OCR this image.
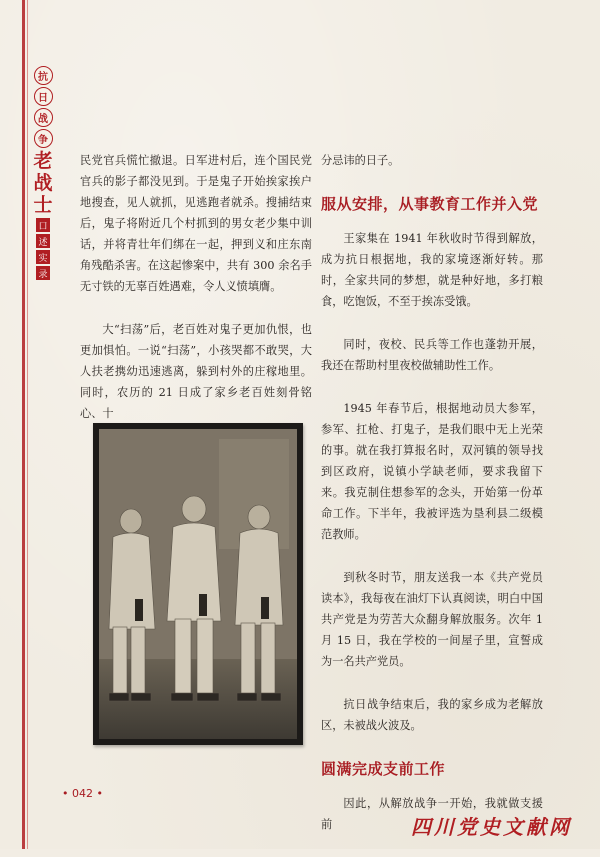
抗
日
战
争
老
战
士
口
述
实
录

民党官兵慌忙撤退。日军进村后，连个国民党官兵的影子都没见到。于是鬼子开始挨家挨户地搜查，见人就抓，见逃跑者就杀。搜捕结束后，鬼子将附近几个村抓到的男女老少集中训话，并将青壮年们绑在一起，押到义和庄东南角残酷杀害。在这起惨案中，共有 300 余名手无寸铁的无辜百姓遇难，令人义愤填膺。

大“扫荡”后，老百姓对鬼子更加仇恨，也更加惧怕。一说“扫荡”，小孩哭都不敢哭，大人扶老携幼迅速逃离，躲到村外的庄稼地里。同时，农历的 21 日成了家乡老百姓刻骨铭心、十

分忌讳的日子。

服从安排，从事教育工作并入党

王家集在 1941 年秋收时节得到解放，成为抗日根据地，我的家境逐渐好转。那时，全家共同的梦想，就是种好地，多打粮食，吃饱饭，不至于挨冻受饿。

同时，夜校、民兵等工作也蓬勃开展，我还在帮助村里夜校做辅助性工作。

1945 年春节后，根据地动员大参军，参军、扛枪、打鬼子，是我们眼中无上光荣的事。就在我打算报名时，双河镇的领导找到区政府，说镇小学缺老师，要求我留下来。我克制住想参军的念头，开始第一份革命工作。下半年，我被评选为垦利县二级模范教师。

到秋冬时节，朋友送我一本《共产党员读本》，我每夜在油灯下认真阅读，明白中国共产党是为劳苦大众翻身解放服务。次年 1 月 15 日，我在学校的一间屋子里，宣誓成为一名共产党员。

抗日战争结束后，我的家乡成为老解放区，未被战火波及。

圆满完成支前工作

因此，从解放战争一开始，我就做支援前

• 042 •
四川党史文献网
